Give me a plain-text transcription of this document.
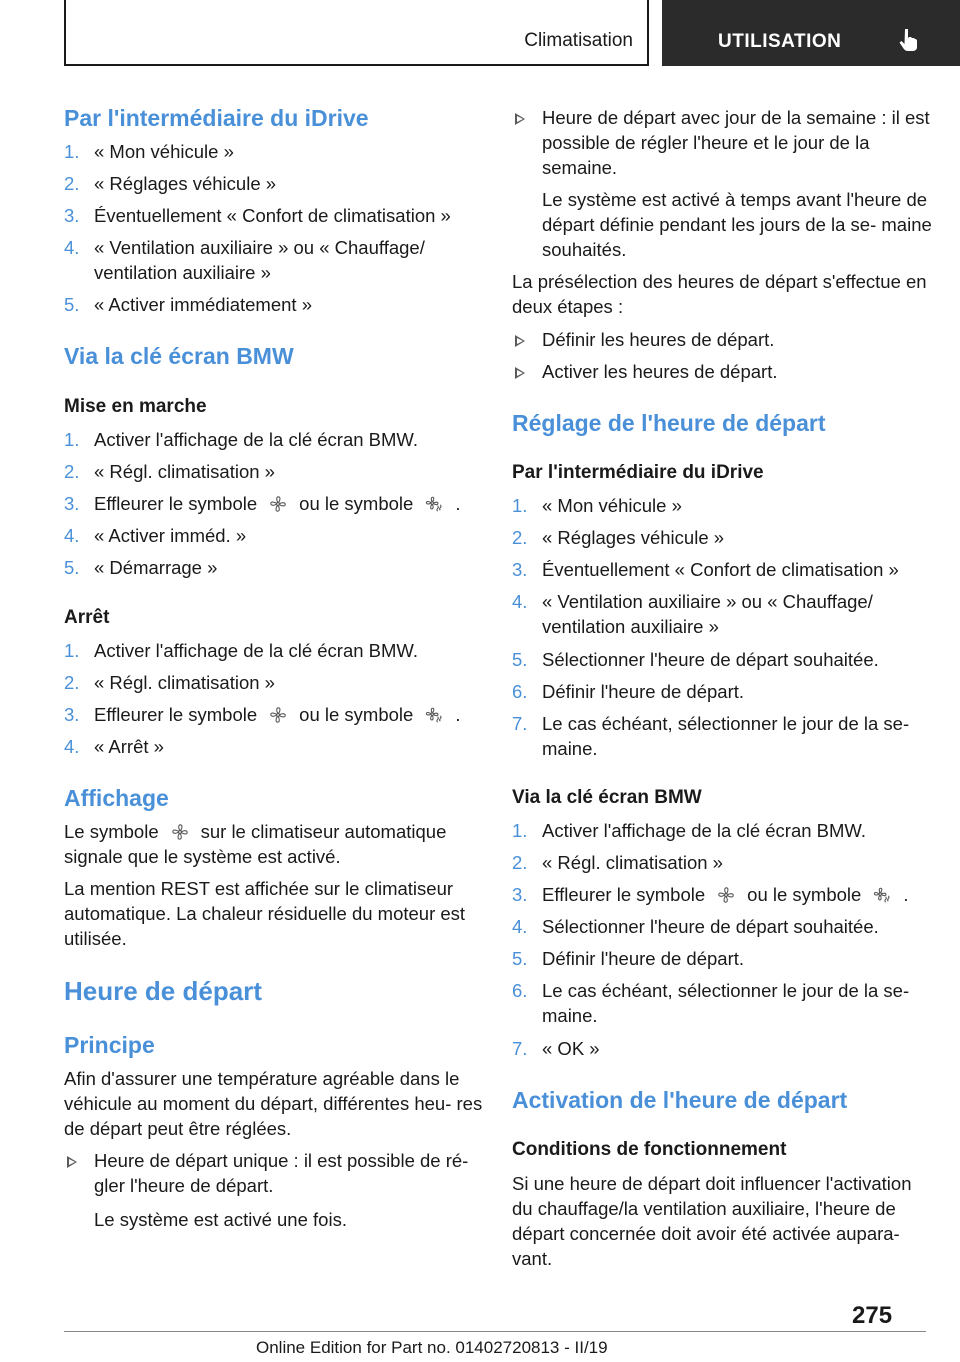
Climatisation	UTILISATION
Par l'intermédiaire du iDrive
1. « Mon véhicule »
2. « Réglages véhicule »
3. Éventuellement « Confort de climatisation »
4. « Ventilation auxiliaire » ou « Chauffage/ ventilation auxiliaire »
5. « Activer immédiatement »
Via la clé écran BMW
Mise en marche
1. Activer l'affichage de la clé écran BMW.
2. « Régl. climatisation »
3. Effleurer le symbole ou le symbole .
4. « Activer imméd. »
5. « Démarrage »
Arrêt
1. Activer l'affichage de la clé écran BMW.
2. « Régl. climatisation »
3. Effleurer le symbole ou le symbole .
4. « Arrêt »
Affichage
Le symbole sur le climatiseur automatique
signale que le système est activé.
La mention REST est affichée sur le climatiseur automatique. La chaleur résiduelle du moteur est utilisée.
Heure de départ
Principe
Afin d'assurer une température agréable dans le véhicule au moment du départ, différentes heu- res de départ peut être réglées.
Heure de départ unique : il est possible de ré- gler l'heure de départ.
Le système est activé une fois.
Heure de départ avec jour de la semaine : il est possible de régler l'heure et le jour de la semaine.
Le système est activé à temps avant l'heure de départ définie pendant les jours de la se- maine souhaités.
La présélection des heures de départ s'effectue en deux étapes :
Définir les heures de départ.
Activer les heures de départ.
Réglage de l'heure de départ
Par l'intermédiaire du iDrive
1. « Mon véhicule »
2. « Réglages véhicule »
3. Éventuellement « Confort de climatisation »
4. « Ventilation auxiliaire » ou « Chauffage/ ventilation auxiliaire »
5. Sélectionner l'heure de départ souhaitée.
6. Définir l'heure de départ.
7. Le cas échéant, sélectionner le jour de la se- maine.
Via la clé écran BMW
1. Activer l'affichage de la clé écran BMW.
2. « Régl. climatisation »
3. Effleurer le symbole ou le symbole .
4. Sélectionner l'heure de départ souhaitée.
5. Définir l'heure de départ.
6. Le cas échéant, sélectionner le jour de la se- maine.
7. « OK »
Activation de l'heure de départ
Conditions de fonctionnement
Si une heure de départ doit influencer l'activation du chauffage/la ventilation auxiliaire, l'heure de départ concernée doit avoir été activée aupara- vant.
275
Online Edition for Part no. 01402720813 - II/19
